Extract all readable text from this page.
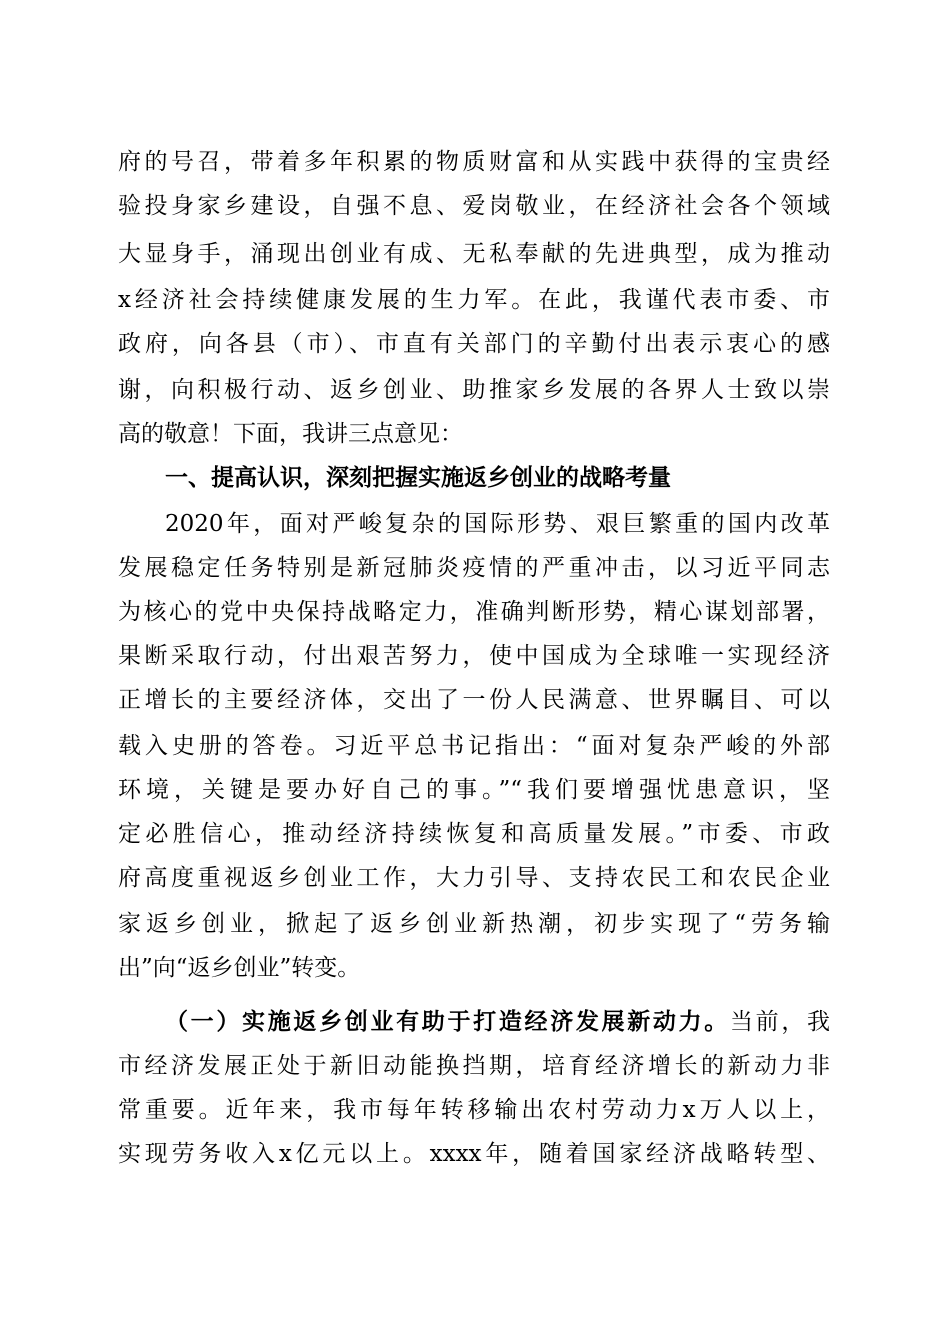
府的号召，带着多年积累的物质财富和从实践中获得的宝贵经
验投身家乡建设，自强不息、爱岗敬业，在经济社会各个领域
大显身手，涌现出创业有成、无私奉献的先进典型，成为推动
x经济社会持续健康发展的生力军。在此，我谨代表市委、市
政府，向各县（市）、市直有关部门的辛勤付出表示衷心的感
谢，向积极行动、返乡创业、助推家乡发展的各界人士致以崇
高的敬意！下面，我讲三点意见：
一、提高认识，深刻把握实施返乡创业的战略考量
2020年，面对严峻复杂的国际形势、艰巨繁重的国内改革
发展稳定任务特别是新冠肺炎疫情的严重冲击，以习近平同志
为核心的党中央保持战略定力，准确判断形势，精心谋划部署，
果断采取行动，付出艰苦努力，使中国成为全球唯一实现经济
正增长的主要经济体，交出了一份人民满意、世界瞩目、可以
载入史册的答卷。习近平总书记指出：“面对复杂严峻的外部
环境，关键是要办好自己的事。”“我们要增强忧患意识，坚
定必胜信心，推动经济持续恢复和高质量发展。”市委、市政
府高度重视返乡创业工作，大力引导、支持农民工和农民企业
家返乡创业，掀起了返乡创业新热潮，初步实现了“劳务输
出”向“返乡创业”转变。
（一）实施返乡创业有助于打造经济发展新动力。当前，我
市经济发展正处于新旧动能换挡期，培育经济增长的新动力非
常重要。近年来，我市每年转移输出农村劳动力x万人以上，
实现劳务收入x亿元以上。xxxx年，随着国家经济战略转型、
